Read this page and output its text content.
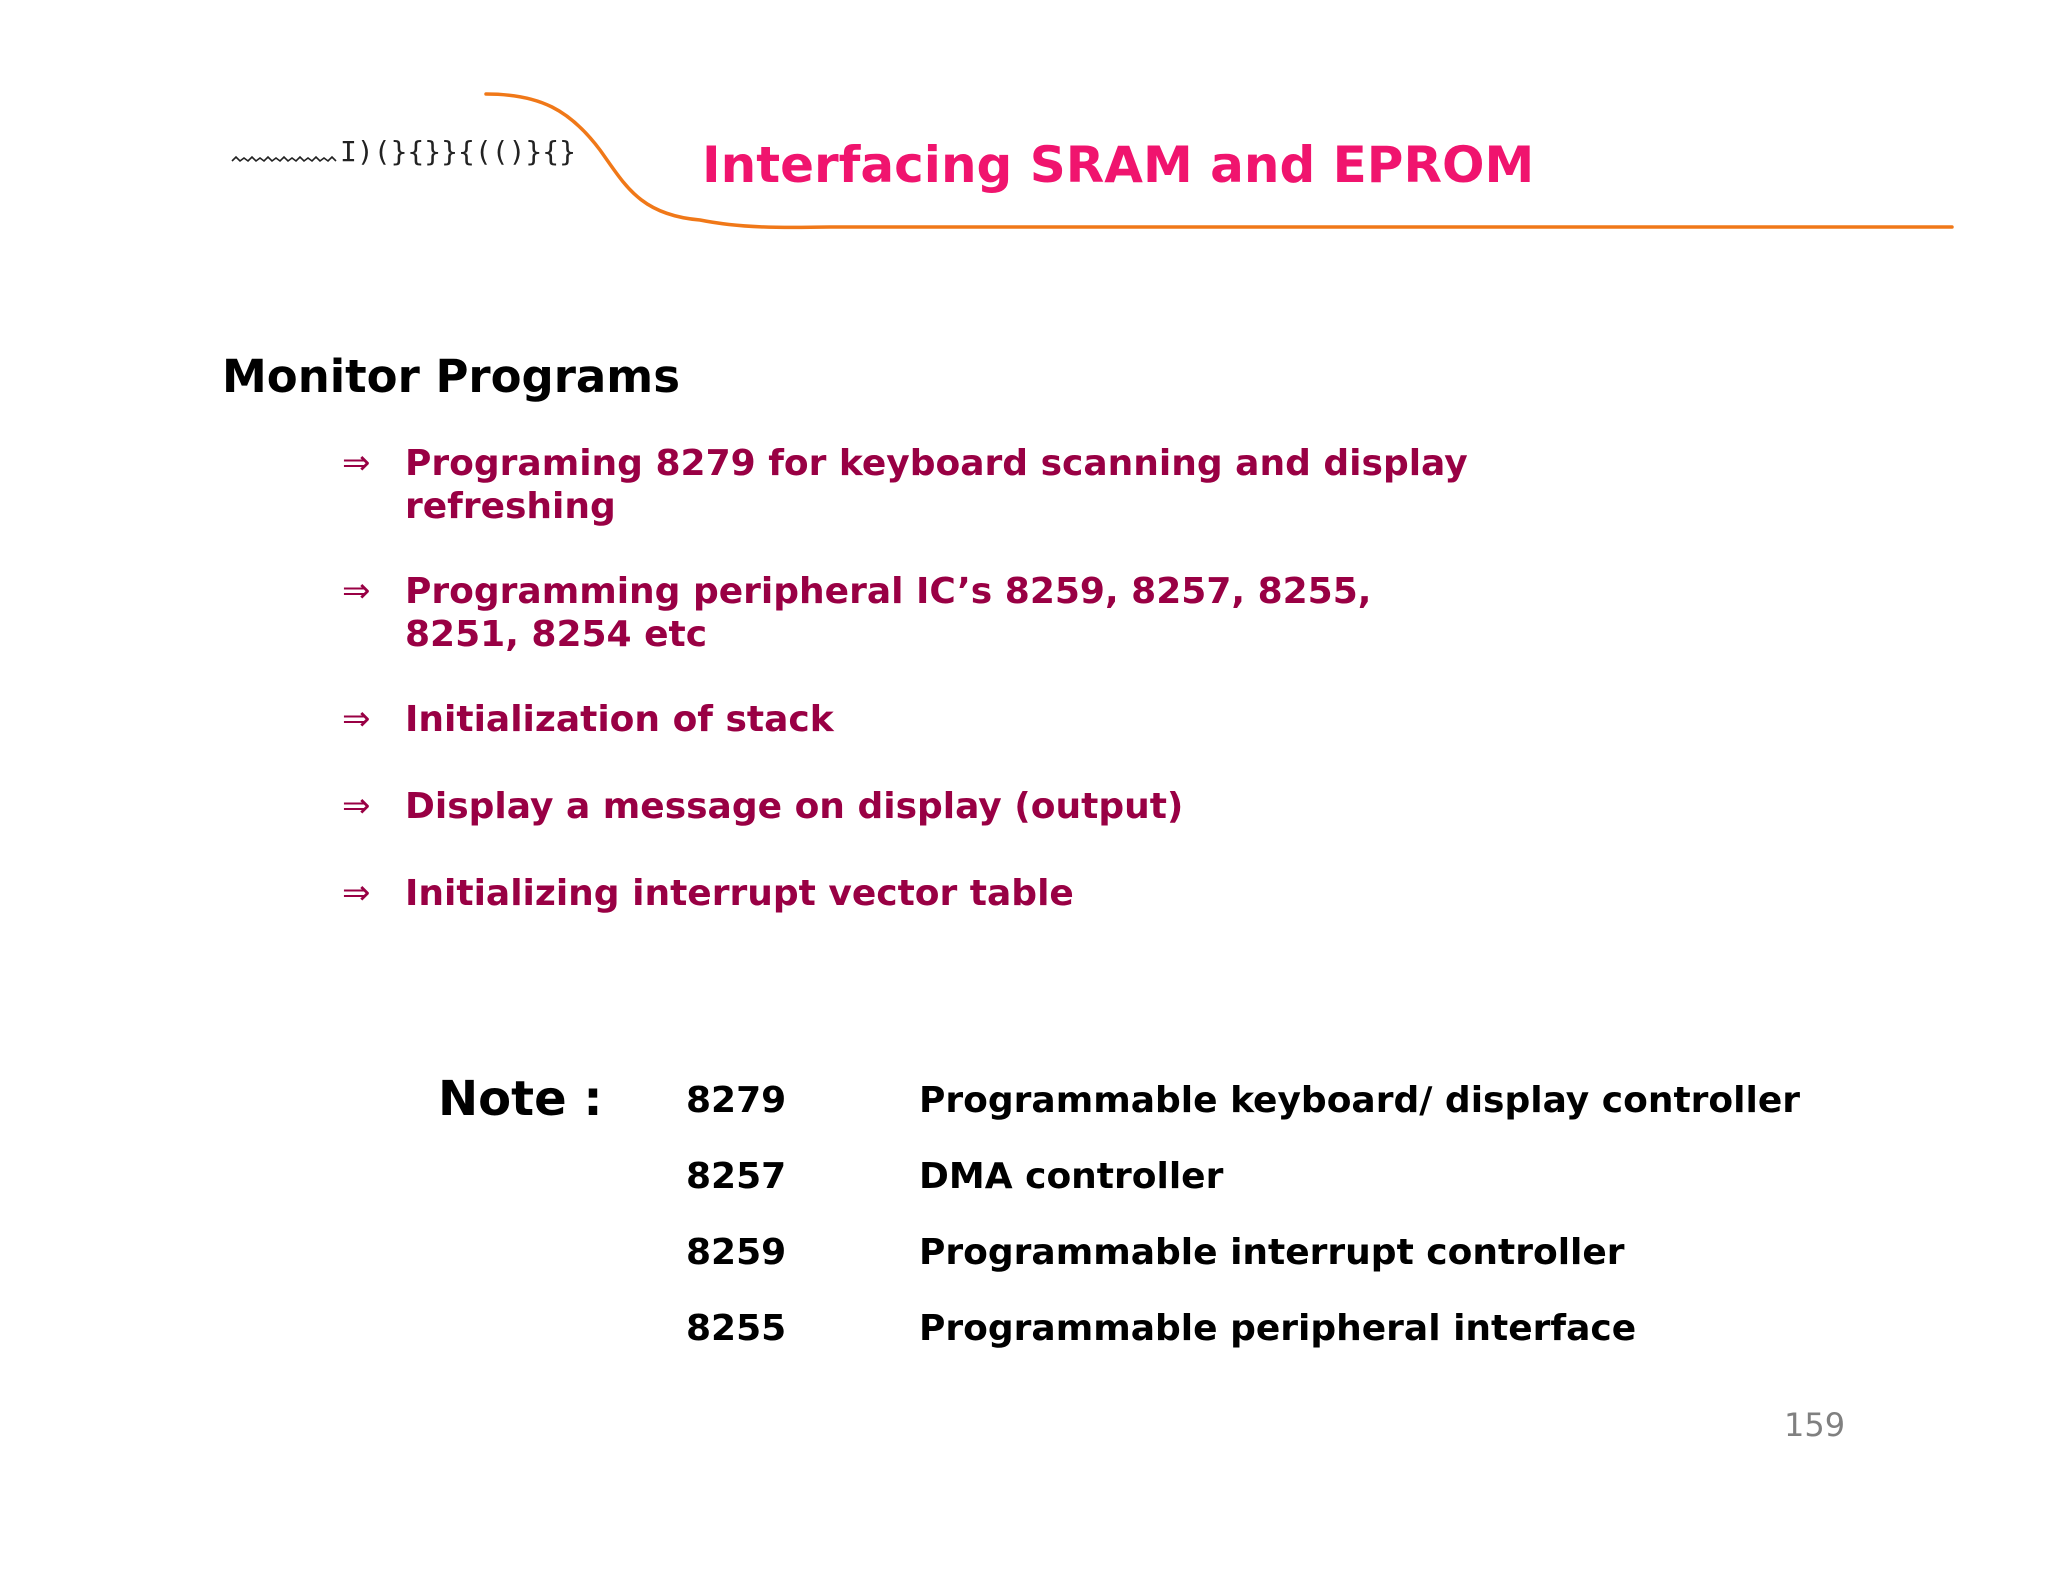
I)(}{}}{(()}{}	Interfacing SRAM and EPROM
Monitor Programs
⇒ Programing 8279 for keyboard scanning and display
refreshing
⇒ Programming peripheral IC’s 8259, 8257, 8255,
8251, 8254 etc
⇒ Initialization of stack
⇒ Display a message on display (output)
⇒ Initializing interrupt vector table
Note : 8279	Programmable keyboard/ display controller
8257	DMA controller
8259	Programmable interrupt controller
8255	Programmable peripheral interface
159
